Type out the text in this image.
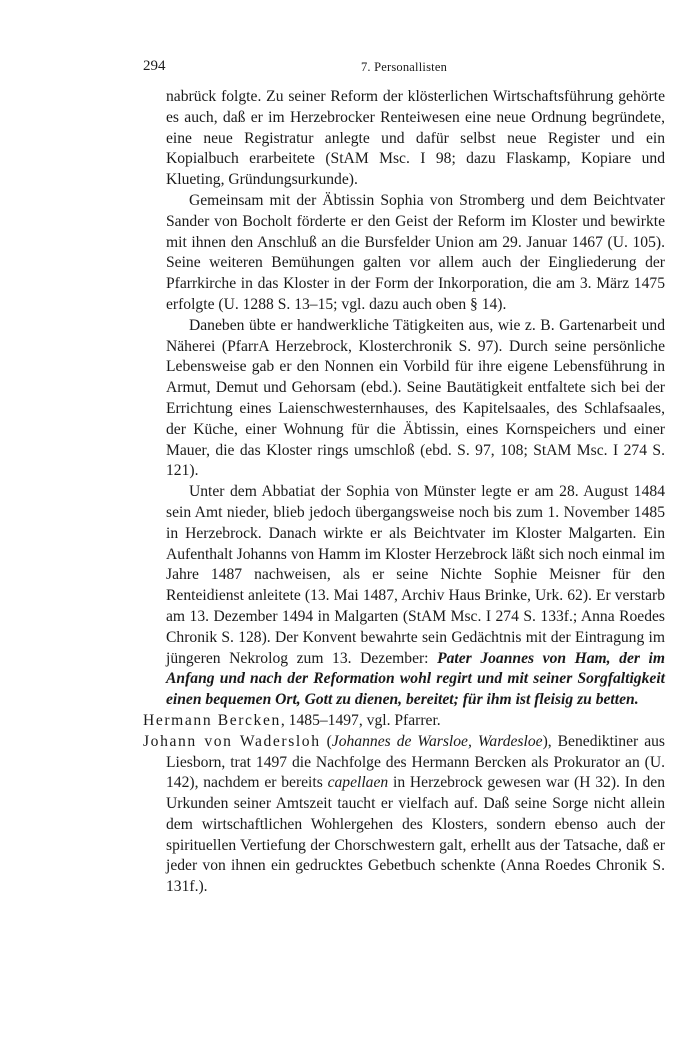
294	7. Personallisten

nabrück folgte. Zu seiner Reform der klösterlichen Wirtschaftsführung gehörte es auch, daß er im Herzebrocker Renteiwesen eine neue Ordnung begründete, eine neue Registratur anlegte und dafür selbst neue Register und ein Kopialbuch erarbeitete (StAM Msc. I 98; dazu Flaskamp, Kopiare und Klueting, Gründungsurkunde).

Gemeinsam mit der Äbtissin Sophia von Stromberg und dem Beichtvater Sander von Bocholt förderte er den Geist der Reform im Kloster und bewirkte mit ihnen den Anschluß an die Bursfelder Union am 29. Januar 1467 (U. 105). Seine weiteren Bemühungen galten vor allem auch der Eingliederung der Pfarrkirche in das Kloster in der Form der Inkorporation, die am 3. März 1475 erfolgte (U. 1288 S. 13–15; vgl. dazu auch oben § 14).

Daneben übte er handwerkliche Tätigkeiten aus, wie z. B. Gartenarbeit und Näherei (PfarrA Herzebrock, Klosterchronik S. 97). Durch seine persönliche Lebensweise gab er den Nonnen ein Vorbild für ihre eigene Lebensführung in Armut, Demut und Gehorsam (ebd.). Seine Bautätigkeit entfaltete sich bei der Errichtung eines Laienschwesternhauses, des Kapitelsaales, des Schlafsaales, der Küche, einer Wohnung für die Äbtissin, eines Kornspeichers und einer Mauer, die das Kloster rings umschloß (ebd. S. 97, 108; StAM Msc. I 274 S. 121).

Unter dem Abbatiat der Sophia von Münster legte er am 28. August 1484 sein Amt nieder, blieb jedoch übergangsweise noch bis zum 1. November 1485 in Herzebrock. Danach wirkte er als Beichtvater im Kloster Malgarten. Ein Aufenthalt Johanns von Hamm im Kloster Herzebrock läßt sich noch einmal im Jahre 1487 nachweisen, als er seine Nichte Sophie Meisner für den Renteidienst anleitete (13. Mai 1487, Archiv Haus Brinke, Urk. 62). Er verstarb am 13. Dezember 1494 in Malgarten (StAM Msc. I 274 S. 133f.; Anna Roedes Chronik S. 128). Der Konvent bewahrte sein Gedächtnis mit der Eintragung im jüngeren Nekrolog zum 13. Dezember: Pater Joannes von Ham, der im Anfang und nach der Reformation wohl regirt und mit seiner Sorgfaltigkeit einen bequemen Ort, Gott zu dienen, bereitet; für ihm ist fleisig zu betten.

Hermann Bercken, 1485–1497, vgl. Pfarrer.

Johann von Wadersloh (Johannes de Warsloe, Wardesloe), Benediktiner aus Liesborn, trat 1497 die Nachfolge des Hermann Bercken als Prokurator an (U. 142), nachdem er bereits capellaen in Herzebrock gewesen war (H 32). In den Urkunden seiner Amtszeit taucht er vielfach auf. Daß seine Sorge nicht allein dem wirtschaftlichen Wohlergehen des Klosters, sondern ebenso auch der spirituellen Vertiefung der Chorschwestern galt, erhellt aus der Tatsache, daß er jeder von ihnen ein gedrucktes Gebetbuch schenkte (Anna Roedes Chronik S. 131f.).
